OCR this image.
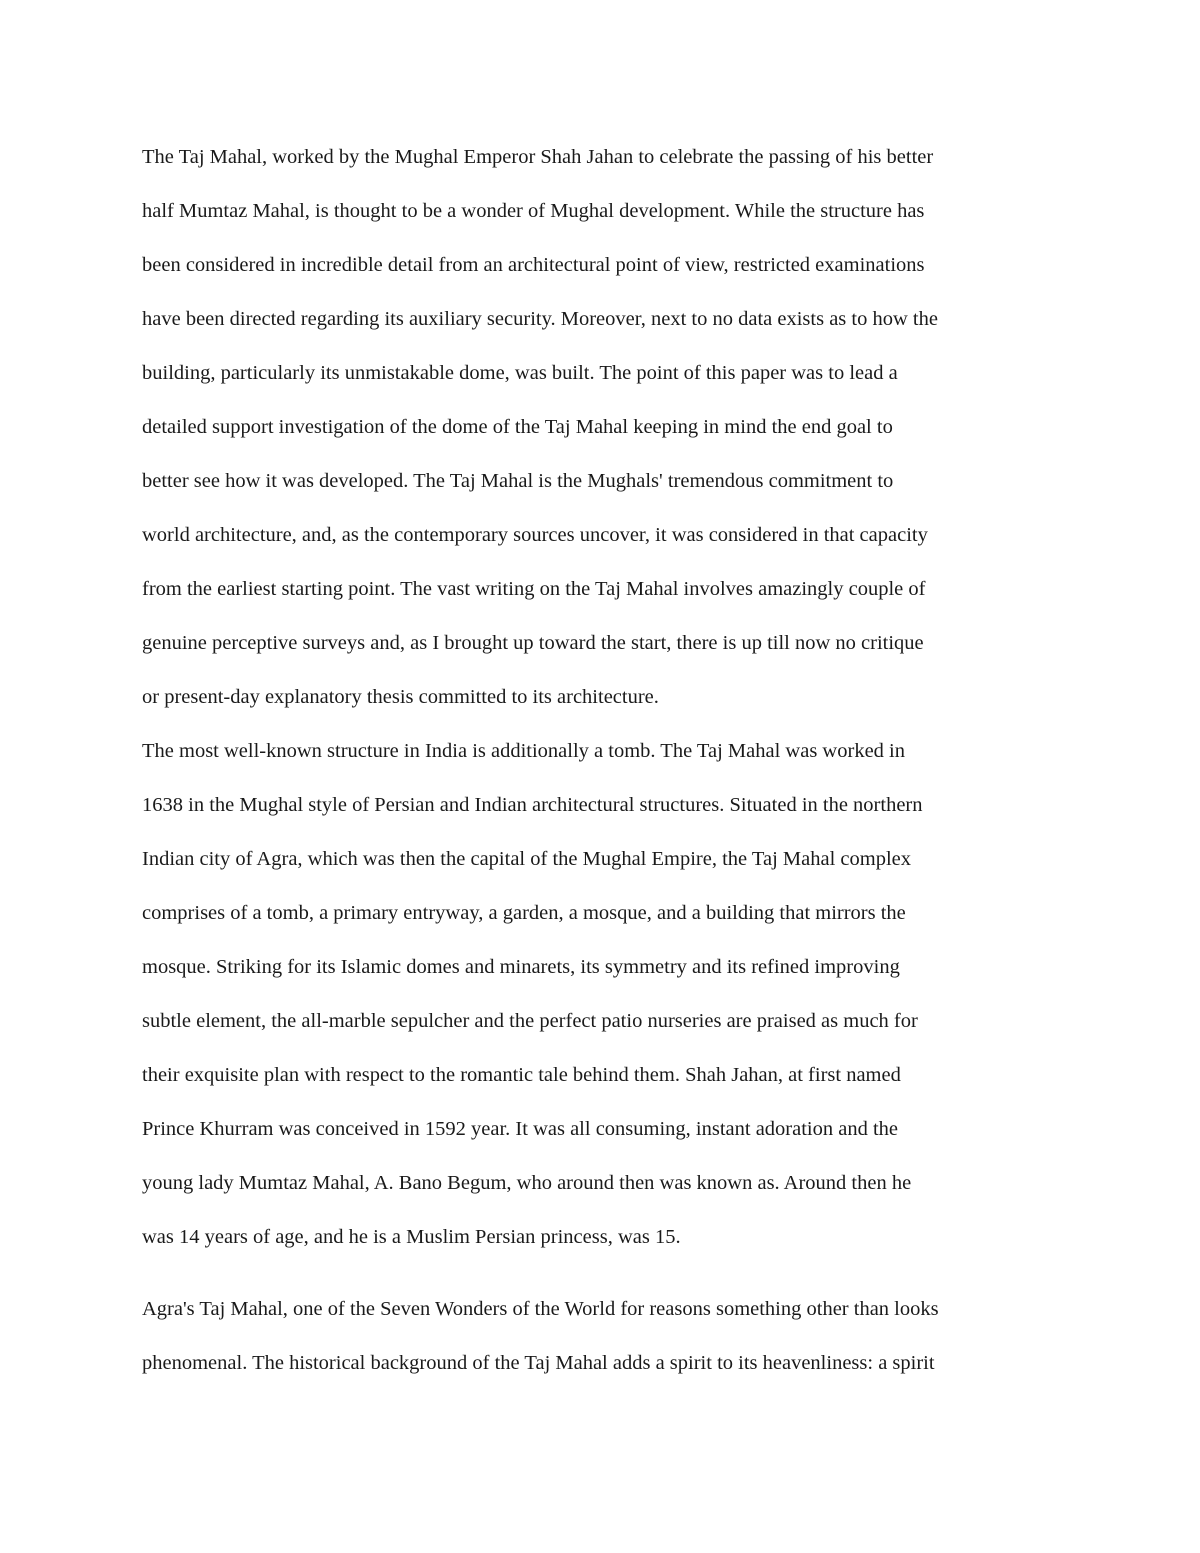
The Taj Mahal, worked by the Mughal Emperor Shah Jahan to celebrate the passing of his better
half Mumtaz Mahal, is thought to be a wonder of Mughal development. While the structure has
been considered in incredible detail from an architectural point of view, restricted examinations
have been directed regarding its auxiliary security. Moreover, next to no data exists as to how the
building, particularly its unmistakable dome, was built. The point of this paper was to lead a
detailed support investigation of the dome of the Taj Mahal keeping in mind the end goal to
better see how it was developed. The Taj Mahal is the Mughals' tremendous commitment to
world architecture, and, as the contemporary sources uncover, it was considered in that capacity
from the earliest starting point. The vast writing on the Taj Mahal involves amazingly couple of
genuine perceptive surveys and, as I brought up toward the start, there is up till now no critique
or present-day explanatory thesis committed to its architecture.
The most well-known structure in India is additionally a tomb. The Taj Mahal was worked in
1638 in the Mughal style of Persian and Indian architectural structures. Situated in the northern
Indian city of Agra, which was then the capital of the Mughal Empire, the Taj Mahal complex
comprises of a tomb, a primary entryway, a garden, a mosque, and a building that mirrors the
mosque. Striking for its Islamic domes and minarets, its symmetry and its refined improving
subtle element, the all-marble sepulcher and the perfect patio nurseries are praised as much for
their exquisite plan with respect to the romantic tale behind them. Shah Jahan, at first named
Prince Khurram was conceived in 1592 year. It was all consuming, instant adoration and the
young lady Mumtaz Mahal, A. Bano Begum, who around then was known as. Around then he
was 14 years of age, and he is a Muslim Persian princess, was 15.
Agra's Taj Mahal, one of the Seven Wonders of the World for reasons something other than looks
phenomenal. The historical background of the Taj Mahal adds a spirit to its heavenliness: a spirit
